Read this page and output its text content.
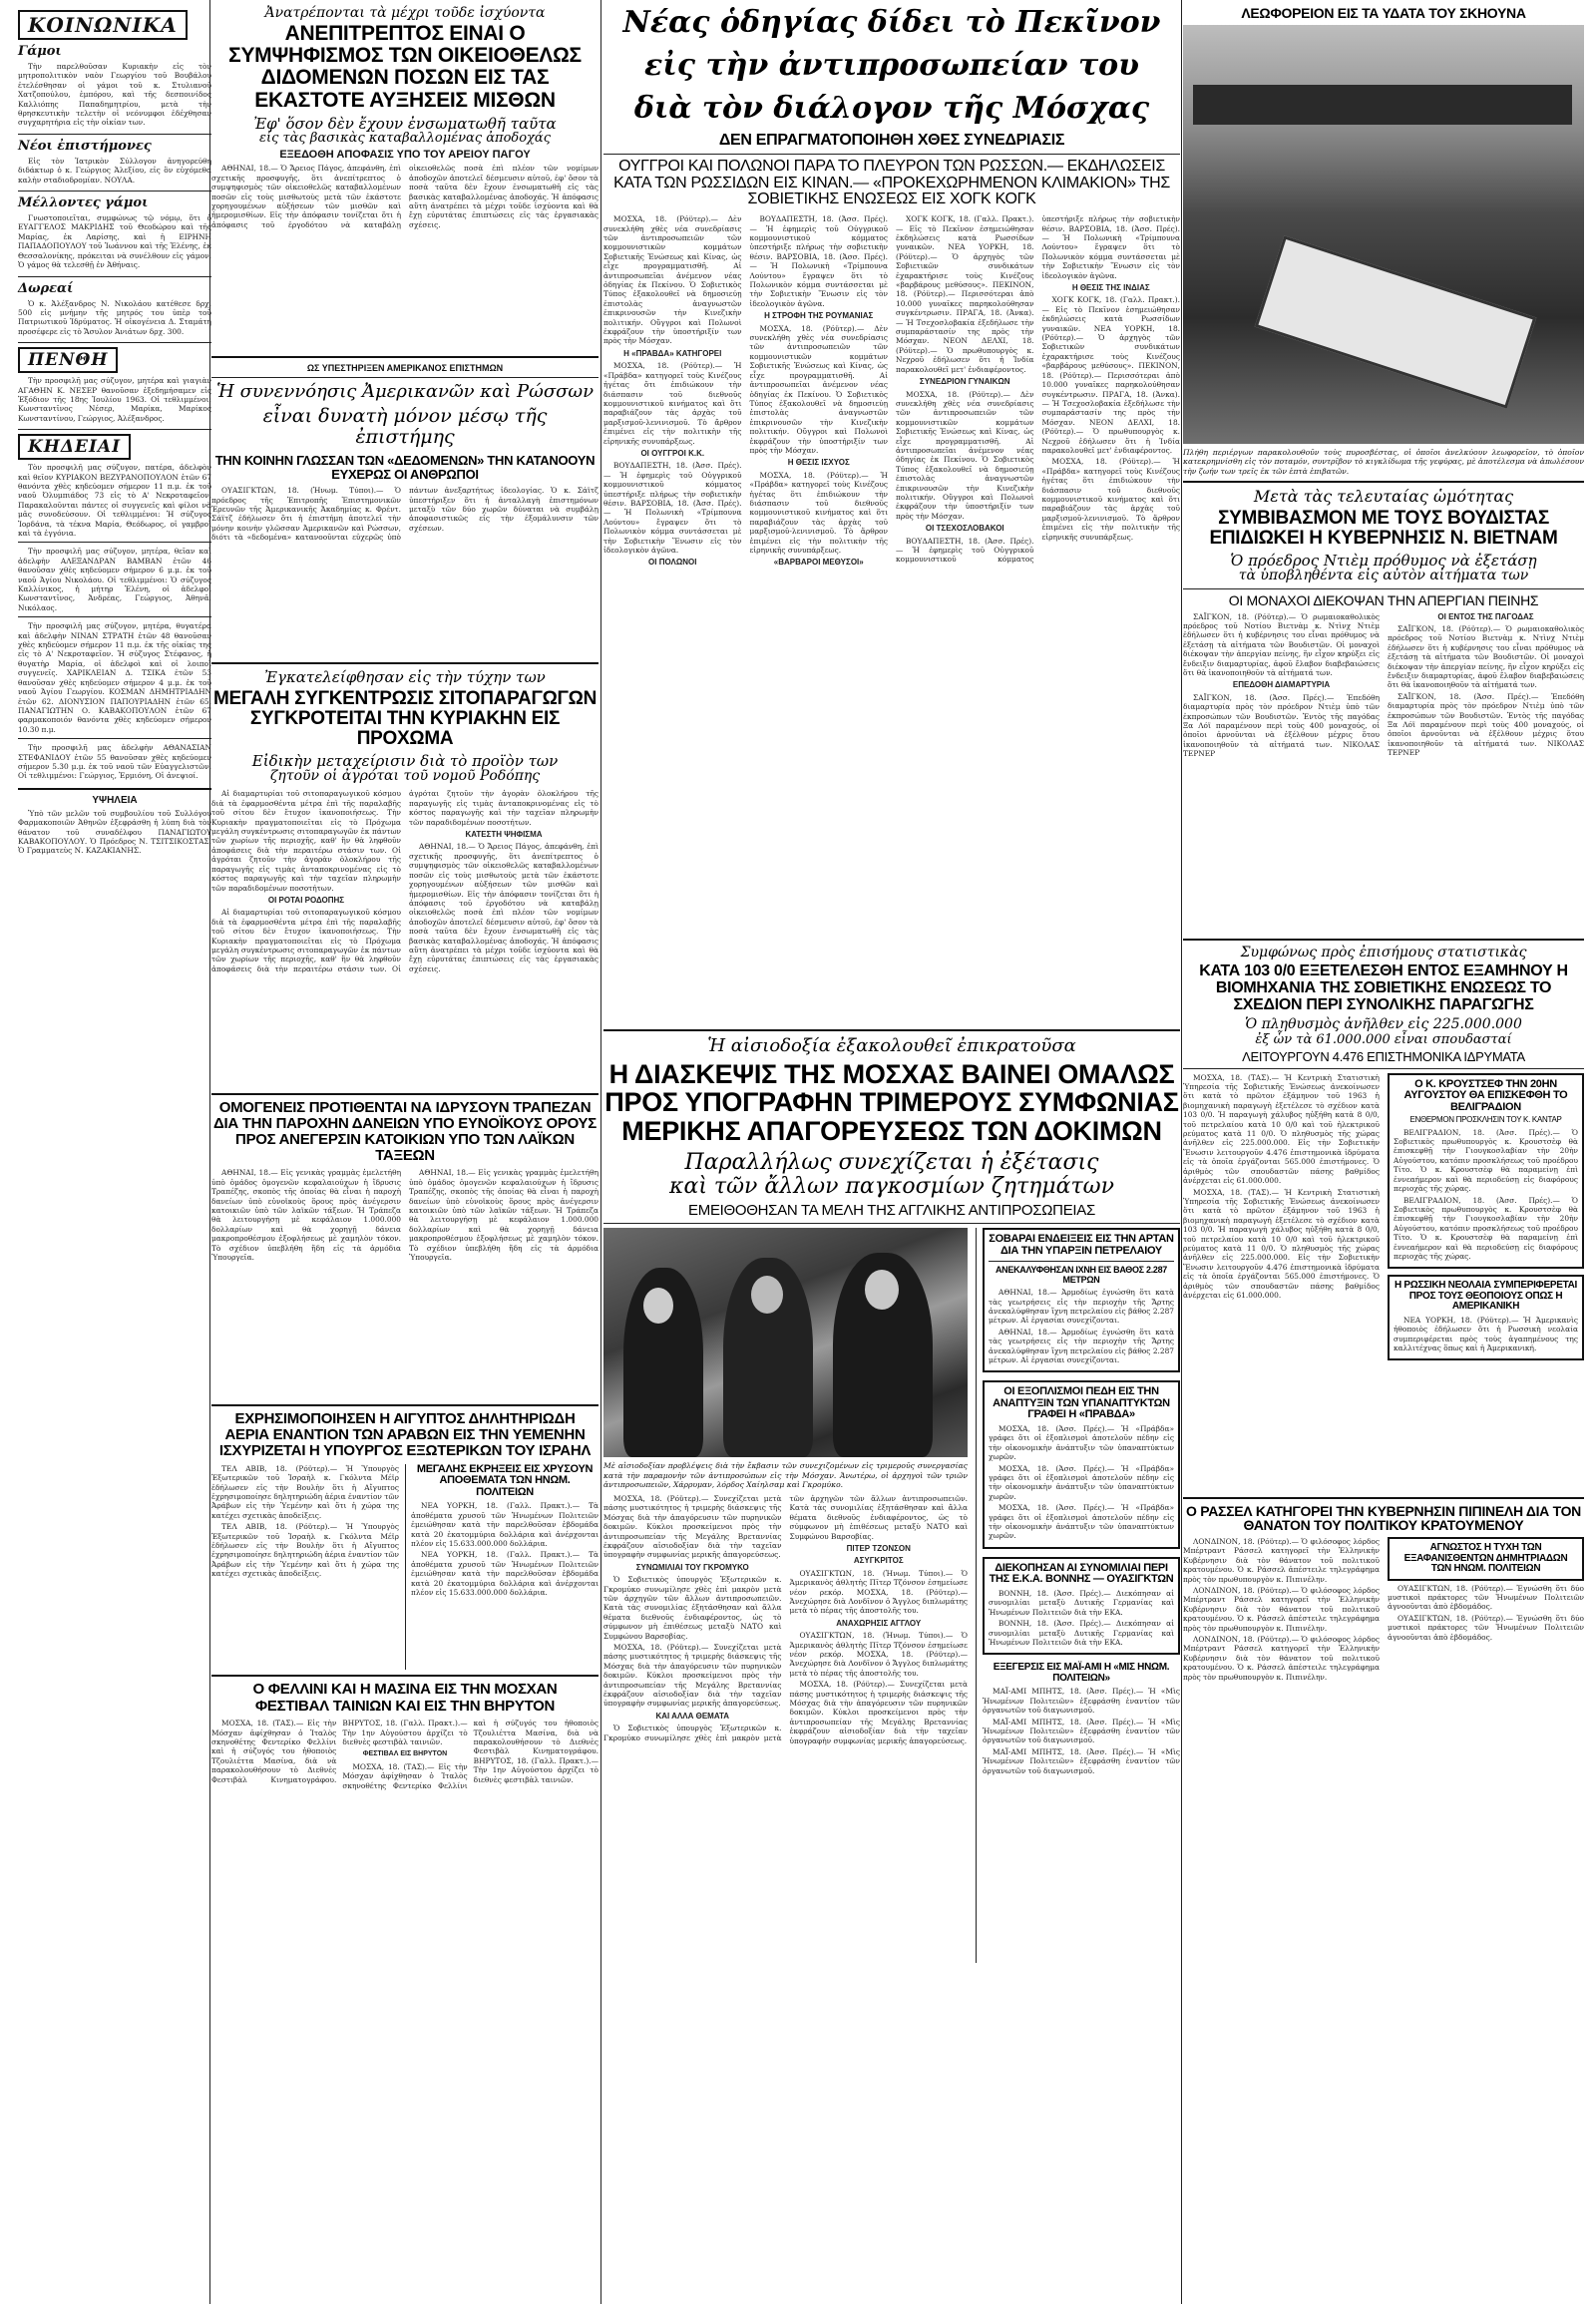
ΚΟΙΝΩΝΙΚΑ
Γάμοι

Τὴν παρελθοῦσαν Κυριακὴν εἰς τὸν μητροπολιτικὸν ναὸν Γεωργίου τοῦ Βουβάλου ἐτελέσθησαν οἱ γάμοι τοῦ κ. Στυλιανοῦ Χατζοπούλου, ἐμπόρου, καὶ τῆς δεσποινίδος Καλλιόπης Παπαδημητρίου, μετὰ τὴν θρησκευτικὴν τελετὴν οἱ νεόνυμφοι ἐδέχθησαν συγχαρητήρια εἰς τὴν οἰκίαν των.

Νέοι ἐπιστήμονες

Εἰς τὸν Ἰατρικὸν Σύλλογον ἀνηγορεύθη διδάκτωρ ὁ κ. Γεώργιος Ἀλεξίου, εἰς ὃν εὐχόμεθα καλὴν σταδιοδρομίαν. ΝΟΥΛΑ.

Μέλλοντες γάμοι

Γνωστοποιεῖται, συμφώνως τῷ νόμῳ, ὅτι ὁ ΕΥΑΓΓΕΛΟΣ ΜΑΚΡΙΔΗΣ τοῦ Θεοδώρου καὶ τῆς Μαρίας, ἐκ Λαρίσης, καὶ ἡ ΕΙΡΗΝΗ ΠΑΠΑΔΟΠΟΥΛΟΥ τοῦ Ἰωάννου καὶ τῆς Ἑλένης, ἐκ Θεσσαλονίκης, πρόκειται νὰ συνέλθουν εἰς γάμον. Ὁ γάμος θὰ τελεσθῇ ἐν Ἀθήναις.

Δωρεαί

Ὁ κ. Ἀλέξανδρος Ν. Νικολάου κατέθεσε δρχ. 500 εἰς μνήμην τῆς μητρός του ὑπὲρ τοῦ Πατριωτικοῦ Ἱδρύματος. Ἡ οἰκογένεια Δ. Σταμάτη προσέφερε εἰς τὸ Ἄσυλον Ἀνιάτων δρχ. 300.

ΠΕΝΘΗ

Τὴν προσφιλῆ μας σύζυγον, μητέρα καὶ γιαγιὰν ΑΓΑΘΗΝ Κ. ΝΕΣΕΡ θανοῦσαν ἐξεδημήσαμεν εἰς Ἐξόδιον τῆς 18ης Ἰουλίου 1963. Οἱ τεθλιμμένοι: Κωνσταντῖνος Νέσερ, Μαρίκα, Μαρίκος Κωνσταντίνου, Γεώργιος, Ἀλέξανδρος.

ΚΗΔΕΙΑΙ

Τὸν προσφιλῆ μας σύζυγον, πατέρα, ἀδελφὸν καὶ θεῖον ΚΥΡΙΑΚΟΝ ΒΕΖΥΡΑΝΟΠΟΥΛΟΝ ἐτῶν 67 θανόντα χθὲς κηδεύομεν σήμερον 11 π.μ. ἐκ τοῦ ναοῦ Ὀλυμπιάδος 73 εἰς τὸ Α' Νεκροταφεῖον. Παρακαλοῦνται πάντες οἱ συγγενεῖς καὶ φίλοι νὰ μᾶς συνοδεύσουν. Οἱ τεθλιμμένοι: Ἡ σύζυγος Ἰορδάνα, τὰ τέκνα Μαρία, Θεόδωρος, οἱ γαμβροὶ καὶ τὰ ἐγγόνια.

Τὴν προσφιλῆ μας σύζυγον, μητέρα, θεῖαν καὶ ἀδελφὴν ΑΛΕΞΑΝΔΡΑΝ ΒΑΜΒΑΝ ἐτῶν 46 θανοῦσαν χθὲς κηδεύομεν σήμερον 6 μ.μ. ἐκ τοῦ ναοῦ Ἁγίου Νικολάου. Οἱ τεθλιμμένοι: Ὁ σύζυγος Καλλίνικος, ἡ μήτηρ Ἑλένη, οἱ ἀδελφοὶ Κωνσταντῖνος, Ἀνδρέας, Γεώργιος, Ἀθηνᾶ, Νικόλαος.

Τὴν προσφιλῆ μας σύζυγον, μητέρα, θυγατέρα καὶ ἀδελφὴν ΝΙΝΑΝ ΣΤΡΑΤΗ ἐτῶν 48 θανοῦσαν χθὲς κηδεύομεν σήμερον 11 π.μ. ἐκ τῆς οἰκίας της εἰς τὸ Α' Νεκροταφεῖον. Ἡ σύζυγος Στέφανος, ἡ θυγατὴρ Μαρία, οἱ ἀδελφοὶ καὶ οἱ λοιποὶ συγγενεῖς. ΧΑΡΙΚΛΕΙΑΝ Δ. ΤΣΙΚΑ ἐτῶν 53 θανοῦσαν χθὲς κηδεύομεν σήμερον 4 μ.μ. ἐκ τοῦ ναοῦ Ἁγίου Γεωργίου. ΚΟΣΜΑΝ ΔΗΜΗΤΡΙΑΔΗΝ ἐτῶν 62. ΔΙΟΝΥΣΙΟΝ ΠΑΠΟΥΡΙΑΔΗΝ ἐτῶν 65. ΠΑΝΑΓΙΩΤΗΝ Ο. ΚΑΒΑΚΟΠΟΥΛΟΝ ἐτῶν 67 φαρμακοποιόν θανόντα χθὲς κηδεύομεν σήμερον 10.30 π.μ.

Τὴν προσφιλῆ μας ἀδελφὴν ΑΘΑΝΑΣΙΑΝ ΣΤΕΦΑΝΙΔΟΥ ἐτῶν 55 θανοῦσαν χθὲς κηδεύομεν σήμερον 5.30 μ.μ. ἐκ τοῦ ναοῦ τῶν Εὐαγγελιστῶν. Οἱ τεθλιμμένοι: Γεώργιος, Ἑρμιόνη, Οἱ ἀνεψιοί.

ΥΨΗΛΕΙΑ

Ὑπὸ τῶν μελῶν τοῦ συμβουλίου τοῦ Συλλόγου Φαρμακοποιῶν Ἀθηνῶν ἐξεφράσθη ἡ λύπη διὰ τὸν θάνατον τοῦ συναδέλφου ΠΑΝΑΓΙΩΤΟΥ ΚΑΒΑΚΟΠΟΥΛΟΥ. Ὁ Πρόεδρος Ν. ΤΣΙΤΣΙΚΟΣΤΑΣ, Ὁ Γραμματεὺς Ν. ΚΑΖΑΚΙΑΝΗΣ.

Ἀνατρέπονται τὰ μέχρι τοῦδε ἰσχύοντα
ΑΝΕΠΙΤΡΕΠΤΟΣ ΕΙΝΑΙ Ο ΣΥΜΨΗΦΙΣΜΟΣ ΤΩΝ ΟΙΚΕΙΟΘΕΛΩΣ ΔΙΔΟΜΕΝΩΝ ΠΟΣΩΝ ΕΙΣ ΤΑΣ ΕΚΑΣΤΟΤΕ ΑΥΞΗΣΕΙΣ ΜΙΣΘΩΝ
Ἐφ' ὅσον δὲν ἔχουν ἐνσωματωθῆ ταῦτα
εἰς τὰς βασικὰς καταβαλλομένας ἀποδοχάς
ΕΞΕΔΟΘΗ ΑΠΟΦΑΣΙΣ ΥΠΟ ΤΟΥ ΑΡΕΙΟΥ ΠΑΓΟΥ

ΑΘΗΝΑΙ, 18.— Ὁ Ἄρειος Πάγος, ἀπεφάνθη, ἐπὶ σχετικῆς προσφυγῆς, ὅτι ἀνεπίτρεπτος ὁ συμψηφισμὸς τῶν οἰκειοθελῶς καταβαλλομένων ποσῶν εἰς τοὺς μισθωτοὺς μετὰ τῶν ἐκάστοτε χορηγουμένων αὐξήσεων τῶν μισθῶν καὶ ἡμερομισθίων. Εἰς τὴν ἀπόφασιν τονίζεται ὅτι ἡ ἀπόφασις τοῦ ἐργοδότου νὰ καταβάλῃ οἰκειοθελῶς ποσὰ ἐπὶ πλέον τῶν νομίμων ἀποδοχῶν ἀποτελεῖ δέσμευσιν αὐτοῦ, ἐφ' ὅσον τὰ ποσὰ ταῦτα δὲν ἔχουν ἐνσωματωθῆ εἰς τὰς βασικὰς καταβαλλομένας ἀποδοχάς. Ἡ ἀπόφασις αὕτη ἀνατρέπει τὰ μέχρι τοῦδε ἰσχύοντα καὶ θὰ ἔχῃ εὐρυτάτας ἐπιπτώσεις εἰς τὰς ἐργασιακὰς σχέσεις.

ΩΣ ΥΠΕΣΤΗΡΙΞΕΝ ΑΜΕΡΙΚΑΝΟΣ ΕΠΙΣΤΗΜΩΝ
Ἡ συνεννόησις Ἀμερικανῶν καὶ Ρώσσων
εἶναι δυνατὴ μόνον μέσῳ τῆς ἐπιστήμης
ΤΗΝ ΚΟΙΝΗΝ ΓΛΩΣΣΑΝ ΤΩΝ «ΔΕΔΟΜΕΝΩΝ» ΤΗΝ ΚΑΤΑΝΟΟΥΝ ΕΥΧΕΡΩΣ ΟΙ ΑΝΘΡΩΠΟΙ

ΟΥΑΣΙΓΚΤΩΝ, 18. (Ἡνωμ. Τύποι).— Ὁ πρόεδρος τῆς Ἐπιτροπῆς Ἐπιστημονικῶν Ἐρευνῶν τῆς Ἀμερικανικῆς Ἀκαδημίας κ. Φρέντ. Σάϊτζ ἐδήλωσεν ὅτι ἡ ἐπιστήμη ἀποτελεῖ τὴν μόνην κοινὴν γλῶσσαν Ἀμερικανῶν καὶ Ρώσσων, διότι τὰ «δεδομένα» κατανοοῦνται εὐχερῶς ὑπὸ πάντων ἀνεξαρτήτως ἰδεολογίας. Ὁ κ. Σάϊτζ ὑπεστήριξεν ὅτι ἡ ἀνταλλαγὴ ἐπιστημόνων μεταξὺ τῶν δύο χωρῶν δύναται νὰ συμβάλῃ ἀποφασιστικῶς εἰς τὴν ἐξομάλυνσιν τῶν σχέσεων.

Ἐγκατελείφθησαν εἰς τὴν τύχην των
ΜΕΓΑΛΗ ΣΥΓΚΕΝΤΡΩΣΙΣ ΣΙΤΟΠΑΡΑΓΩΓΩΝ ΣΥΓΚΡΟΤΕΙΤΑΙ ΤΗΝ ΚΥΡΙΑΚΗΝ ΕΙΣ ΠΡΟΧΩΜΑ
Εἰδικὴν μεταχείρισιν διὰ τὸ προϊὸν των
ζητοῦν οἱ ἀγρόται τοῦ νομοῦ Ροδόπης

Αἱ διαμαρτυρίαι τοῦ σιτοπαραγωγικοῦ κόσμου διὰ τὰ ἐφαρμοσθέντα μέτρα ἐπὶ τῆς παραλαβῆς τοῦ σίτου δὲν ἔτυχον ἱκανοποιήσεως. Τὴν Κυριακὴν πραγματοποιεῖται εἰς τὸ Πρόχωμα μεγάλη συγκέντρωσις σιτοπαραγωγῶν ἐκ πάντων τῶν χωρίων τῆς περιοχῆς, καθ' ἣν θὰ ληφθοῦν ἀποφάσεις διὰ τὴν περαιτέρω στάσιν των. Οἱ ἀγρόται ζητοῦν τὴν ἀγορὰν ὁλοκλήρου τῆς παραγωγῆς εἰς τιμὰς ἀνταποκρινομένας εἰς τὸ κόστος παραγωγῆς καὶ τὴν ταχεῖαν πληρωμὴν τῶν παραδιδομένων ποσοτήτων.

ΟΙ ΡΟΤΑΙ ΡΟΔΟΠΗΣ

Αἱ διαμαρτυρίαι τοῦ σιτοπαραγωγικοῦ κόσμου διὰ τὰ ἐφαρμοσθέντα μέτρα ἐπὶ τῆς παραλαβῆς τοῦ σίτου δὲν ἔτυχον ἱκανοποιήσεως. Τὴν Κυριακὴν πραγματοποιεῖται εἰς τὸ Πρόχωμα μεγάλη συγκέντρωσις σιτοπαραγωγῶν ἐκ πάντων τῶν χωρίων τῆς περιοχῆς, καθ' ἣν θὰ ληφθοῦν ἀποφάσεις διὰ τὴν περαιτέρω στάσιν των. Οἱ ἀγρόται ζητοῦν τὴν ἀγορὰν ὁλοκλήρου τῆς παραγωγῆς εἰς τιμὰς ἀνταποκρινομένας εἰς τὸ κόστος παραγωγῆς καὶ τὴν ταχεῖαν πληρωμὴν τῶν παραδιδομένων ποσοτήτων.

ΚΑΤΕΣΤΗ ΨΗΦΙΣΜΑ

ΑΘΗΝΑΙ, 18.— Ὁ Ἄρειος Πάγος, ἀπεφάνθη, ἐπὶ σχετικῆς προσφυγῆς, ὅτι ἀνεπίτρεπτος ὁ συμψηφισμὸς τῶν οἰκειοθελῶς καταβαλλομένων ποσῶν εἰς τοὺς μισθωτοὺς μετὰ τῶν ἐκάστοτε χορηγουμένων αὐξήσεων τῶν μισθῶν καὶ ἡμερομισθίων. Εἰς τὴν ἀπόφασιν τονίζεται ὅτι ἡ ἀπόφασις τοῦ ἐργοδότου νὰ καταβάλῃ οἰκειοθελῶς ποσὰ ἐπὶ πλέον τῶν νομίμων ἀποδοχῶν ἀποτελεῖ δέσμευσιν αὐτοῦ, ἐφ' ὅσον τὰ ποσὰ ταῦτα δὲν ἔχουν ἐνσωματωθῆ εἰς τὰς βασικὰς καταβαλλομένας ἀποδοχάς. Ἡ ἀπόφασις αὕτη ἀνατρέπει τὰ μέχρι τοῦδε ἰσχύοντα καὶ θὰ ἔχῃ εὐρυτάτας ἐπιπτώσεις εἰς τὰς ἐργασιακὰς σχέσεις.

ΟΜΟΓΕΝΕΙΣ ΠΡΟΤΙΘΕΝΤΑΙ ΝΑ ΙΔΡΥΣΟΥΝ ΤΡΑΠΕΖΑΝ ΔΙΑ ΤΗΝ ΠΑΡΟΧΗΝ ΔΑΝΕΙΩΝ ΥΠΟ ΕΥΝΟΪΚΟΥΣ ΟΡΟΥΣ ΠΡΟΣ ΑΝΕΓΕΡΣΙΝ ΚΑΤΟΙΚΙΩΝ ΥΠΟ ΤΩΝ ΛΑΪΚΩΝ ΤΑΞΕΩΝ

ΑΘΗΝΑΙ, 18.— Εἰς γενικὰς γραμμὰς ἐμελετήθη ὑπὸ ὁμάδος ὁμογενῶν κεφαλαιούχων ἡ ἵδρυσις Τραπέζης, σκοπὸς τῆς ὁποίας θὰ εἶναι ἡ παροχὴ δανείων ὑπὸ εὐνοϊκοὺς ὅρους πρὸς ἀνέγερσιν κατοικιῶν ὑπὸ τῶν λαϊκῶν τάξεων. Ἡ Τράπεζα θὰ λειτουργήσῃ μὲ κεφάλαιον 1.000.000 δολλαρίων καὶ θὰ χορηγῇ δάνεια μακροπροθέσμου ἐξοφλήσεως μὲ χαμηλὸν τόκον. Τὸ σχέδιον ὑπεβλήθη ἤδη εἰς τὰ ἁρμόδια Ὑπουργεῖα.

ΑΘΗΝΑΙ, 18.— Εἰς γενικὰς γραμμὰς ἐμελετήθη ὑπὸ ὁμάδος ὁμογενῶν κεφαλαιούχων ἡ ἵδρυσις Τραπέζης, σκοπὸς τῆς ὁποίας θὰ εἶναι ἡ παροχὴ δανείων ὑπὸ εὐνοϊκοὺς ὅρους πρὸς ἀνέγερσιν κατοικιῶν ὑπὸ τῶν λαϊκῶν τάξεων. Ἡ Τράπεζα θὰ λειτουργήσῃ μὲ κεφάλαιον 1.000.000 δολλαρίων καὶ θὰ χορηγῇ δάνεια μακροπροθέσμου ἐξοφλήσεως μὲ χαμηλὸν τόκον. Τὸ σχέδιον ὑπεβλήθη ἤδη εἰς τὰ ἁρμόδια Ὑπουργεῖα.

ΕΧΡΗΣΙΜΟΠΟΙΗΣΕΝ Η ΑΙΓΥΠΤΟΣ ΔΗΛΗΤΗΡΙΩΔΗ ΑΕΡΙΑ ΕΝΑΝΤΙΟΝ ΤΩΝ ΑΡΑΒΩΝ ΕΙΣ ΤΗΝ ΥΕΜΕΝΗΝ ΙΣΧΥΡΙΖΕΤΑΙ Η ΥΠΟΥΡΓΟΣ ΕΞΩΤΕΡΙΚΩΝ ΤΟΥ ΙΣΡΑΗΛ

ΤΕΛ ΑΒΙΒ, 18. (Ρόϋτερ).— Ἡ Ὑπουργὸς Ἐξωτερικῶν τοῦ Ἰσραὴλ κ. Γκόλντα Μέϊρ ἐδήλωσεν εἰς τὴν Βουλὴν ὅτι ἡ Αἴγυπτος ἐχρησιμοποίησε δηλητηριώδη ἀέρια ἐναντίον τῶν Ἀράβων εἰς τὴν Ὑεμένην καὶ ὅτι ἡ χώρα της κατέχει σχετικὰς ἀποδείξεις.

ΤΕΛ ΑΒΙΒ, 18. (Ρόϋτερ).— Ἡ Ὑπουργὸς Ἐξωτερικῶν τοῦ Ἰσραὴλ κ. Γκόλντα Μέϊρ ἐδήλωσεν εἰς τὴν Βουλὴν ὅτι ἡ Αἴγυπτος ἐχρησιμοποίησε δηλητηριώδη ἀέρια ἐναντίον τῶν Ἀράβων εἰς τὴν Ὑεμένην καὶ ὅτι ἡ χώρα της κατέχει σχετικὰς ἀποδείξεις.

ΜΕΓΑΛΗΣ ΕΚΡΗΞΕΙΣ ΕΙΣ ΧΡΥΣΟΥΝ ΑΠΟΘΕΜΑΤΑ ΤΩΝ ΗΝΩΜ. ΠΟΛΙΤΕΙΩΝ

ΝΕΑ ΥΟΡΚΗ, 18. (Γαλλ. Πρακτ.).— Τὰ ἀποθέματα χρυσοῦ τῶν Ἡνωμένων Πολιτειῶν ἐμειώθησαν κατὰ τὴν παρελθοῦσαν ἑβδομάδα κατὰ 20 ἑκατομμύρια δολλάρια καὶ ἀνέρχονται πλέον εἰς 15.633.000.000 δολλάρια.

ΝΕΑ ΥΟΡΚΗ, 18. (Γαλλ. Πρακτ.).— Τὰ ἀποθέματα χρυσοῦ τῶν Ἡνωμένων Πολιτειῶν ἐμειώθησαν κατὰ τὴν παρελθοῦσαν ἑβδομάδα κατὰ 20 ἑκατομμύρια δολλάρια καὶ ἀνέρχονται πλέον εἰς 15.633.000.000 δολλάρια.

Ο ΦΕΛΛΙΝΙ ΚΑΙ Η ΜΑΣΙΝΑ ΕΙΣ ΤΗΝ ΜΟΣΧΑΝ
ΦΕΣΤΙΒΑΛ ΤΑΙΝΙΩΝ ΚΑΙ ΕΙΣ ΤΗΝ ΒΗΡΥΤΟΝ

ΜΟΣΧΑ, 18. (ΤΑΣ).— Εἰς τὴν Μόσχαν ἀφίχθησαν ὁ Ἰταλὸς σκηνοθέτης Φεντερίκο Φελλίνι καὶ ἡ σύζυγός του ἠθοποιὸς Τζουλιέττα Μασίνα, διὰ νὰ παρακολουθήσουν τὸ Διεθνὲς Φεστιβὰλ Κινηματογράφου. ΒΗΡΥΤΟΣ, 18. (Γαλλ. Πρακτ.).— Τὴν 1ην Αὐγούστου ἀρχίζει τὸ διεθνὲς φεστιβὰλ ταινιῶν.

ΦΕΣΤΙΒΑΛ ΕΙΣ ΒΗΡΥΤΟΝ

ΜΟΣΧΑ, 18. (ΤΑΣ).— Εἰς τὴν Μόσχαν ἀφίχθησαν ὁ Ἰταλὸς σκηνοθέτης Φεντερίκο Φελλίνι καὶ ἡ σύζυγός του ἠθοποιὸς Τζουλιέττα Μασίνα, διὰ νὰ παρακολουθήσουν τὸ Διεθνὲς Φεστιβὰλ Κινηματογράφου. ΒΗΡΥΤΟΣ, 18. (Γαλλ. Πρακτ.).— Τὴν 1ην Αὐγούστου ἀρχίζει τὸ διεθνὲς φεστιβὰλ ταινιῶν.

Νέας ὁδηγίας δίδει τὸ Πεκῖνον
εἰς τὴν ἀντιπροσωπείαν του
διὰ τὸν διάλογον τῆς Μόσχας
ΔΕΝ ΕΠΡΑΓΜΑΤΟΠΟΙΗΘΗ ΧΘΕΣ ΣΥΝΕΔΡΙΑΣΙΣ
ΟΥΓΓΡΟΙ ΚΑΙ ΠΟΛΩΝΟΙ ΠΑΡΑ ΤΟ ΠΛΕΥΡΟΝ ΤΩΝ ΡΩΣΣΩΝ.— ΕΚΔΗΛΩΣΕΙΣ ΚΑΤΑ ΤΩΝ ΡΩΣΣΙΔΩΝ ΕΙΣ ΚΙΝΑΝ.— «ΠΡΟΚΕΧΩΡΗΜΕΝΟΝ ΚΛΙΜΑΚΙΟΝ» ΤΗΣ ΣΟΒΙΕΤΙΚΗΣ ΕΝΩΣΕΩΣ ΕΙΣ ΧΟΓΚ ΚΟΓΚ

ΜΟΣΧΑ, 18. (Ρόϋτερ).— Δὲν συνεκλήθη χθὲς νέα συνεδρίασις τῶν ἀντιπροσωπειῶν τῶν κομμουνιστικῶν κομμάτων Σοβιετικῆς Ἑνώσεως καὶ Κίνας, ὡς εἶχε προγραμματισθῆ. Αἱ ἀντιπροσωπεῖαι ἀνέμενον νέας ὁδηγίας ἐκ Πεκίνου. Ὁ Σοβιετικὸς Τύπος ἐξακολουθεῖ νὰ δημοσιεύῃ ἐπιστολὰς ἀναγνωστῶν ἐπικρινουσῶν τὴν Κινεζικὴν πολιτικήν. Οὔγγροι καὶ Πολωνοὶ ἐκφράζουν τὴν ὑποστήριξίν των πρὸς τὴν Μόσχαν.

Η «ΠΡΑΒΔΑ» ΚΑΤΗΓΟΡΕΙ

ΜΟΣΧΑ, 18. (Ρόϋτερ).— Ἡ «Πράβδα» κατηγορεῖ τοὺς Κινέζους ἡγέτας ὅτι ἐπιδιώκουν τὴν διάσπασιν τοῦ διεθνοῦς κομμουνιστικοῦ κινήματος καὶ ὅτι παραβιάζουν τὰς ἀρχὰς τοῦ μαρξισμοῦ-λενινισμοῦ. Τὸ ἄρθρον ἐπιμένει εἰς τὴν πολιτικὴν τῆς εἰρηνικῆς συνυπάρξεως.

ΟΙ ΟΥΓΓΡΟΙ Κ.Κ.

ΒΟΥΔΑΠΕΣΤΗ, 18. (Ἀσσ. Πρές).— Ἡ ἐφημερὶς τοῦ Οὐγγρικοῦ κομμουνιστικοῦ κόμματος ὑπεστήριξε πλήρως τὴν σοβιετικὴν θέσιν. ΒΑΡΣΟΒΙΑ, 18. (Ἀσσ. Πρές).— Ἡ Πολωνικὴ «Τρίμπουνα Λούντου» ἔγραψεν ὅτι τὸ Πολωνικὸν κόμμα συντάσσεται μὲ τὴν Σοβιετικὴν Ἕνωσιν εἰς τὸν ἰδεολογικὸν ἀγῶνα.

ΟΙ ΠΟΛΩΝΟΙ

ΒΟΥΔΑΠΕΣΤΗ, 18. (Ἀσσ. Πρές).— Ἡ ἐφημερὶς τοῦ Οὐγγρικοῦ κομμουνιστικοῦ κόμματος ὑπεστήριξε πλήρως τὴν σοβιετικὴν θέσιν. ΒΑΡΣΟΒΙΑ, 18. (Ἀσσ. Πρές).— Ἡ Πολωνικὴ «Τρίμπουνα Λούντου» ἔγραψεν ὅτι τὸ Πολωνικὸν κόμμα συντάσσεται μὲ τὴν Σοβιετικὴν Ἕνωσιν εἰς τὸν ἰδεολογικὸν ἀγῶνα.

Η ΣΤΡΟΦΗ ΤΗΣ ΡΟΥΜΑΝΙΑΣ

ΜΟΣΧΑ, 18. (Ρόϋτερ).— Δὲν συνεκλήθη χθὲς νέα συνεδρίασις τῶν ἀντιπροσωπειῶν τῶν κομμουνιστικῶν κομμάτων Σοβιετικῆς Ἑνώσεως καὶ Κίνας, ὡς εἶχε προγραμματισθῆ. Αἱ ἀντιπροσωπεῖαι ἀνέμενον νέας ὁδηγίας ἐκ Πεκίνου. Ὁ Σοβιετικὸς Τύπος ἐξακολουθεῖ νὰ δημοσιεύῃ ἐπιστολὰς ἀναγνωστῶν ἐπικρινουσῶν τὴν Κινεζικὴν πολιτικήν. Οὔγγροι καὶ Πολωνοὶ ἐκφράζουν τὴν ὑποστήριξίν των πρὸς τὴν Μόσχαν.

Η ΘΕΣΙΣ ΙΣΧΥΟΣ

ΜΟΣΧΑ, 18. (Ρόϋτερ).— Ἡ «Πράβδα» κατηγορεῖ τοὺς Κινέζους ἡγέτας ὅτι ἐπιδιώκουν τὴν διάσπασιν τοῦ διεθνοῦς κομμουνιστικοῦ κινήματος καὶ ὅτι παραβιάζουν τὰς ἀρχὰς τοῦ μαρξισμοῦ-λενινισμοῦ. Τὸ ἄρθρον ἐπιμένει εἰς τὴν πολιτικὴν τῆς εἰρηνικῆς συνυπάρξεως.

«ΒΑΡΒΑΡΟΙ ΜΕΘΥΣΟΙ»

ΧΟΓΚ ΚΟΓΚ, 18. (Γαλλ. Πρακτ.).— Εἰς τὸ Πεκῖνον ἐσημειώθησαν ἐκδηλώσεις κατὰ Ρωσσίδων γυναικῶν. ΝΕΑ ΥΟΡΚΗ, 18. (Ρόϋτερ).— Ὁ ἀρχηγὸς τῶν Σοβιετικῶν συνδικάτων ἐχαρακτήρισε τοὺς Κινέζους «βαρβάρους μεθύσους». ΠΕΚΙΝΟΝ, 18. (Ρόϋτερ).— Περισσότεραι ἀπὸ 10.000 γυναῖκες παρηκολούθησαν συγκέντρωσιν. ΠΡΑΓΑ, 18. (Ἀνκα).— Ἡ Τσεχοσλοβακία ἐξεδήλωσε τὴν συμπαράστασίν της πρὸς τὴν Μόσχαν. ΝΕΟΝ ΔΕΛΧΙ, 18. (Ρόϋτερ).— Ὁ πρωθυπουργὸς κ. Νεχροῦ ἐδήλωσεν ὅτι ἡ Ἰνδία παρακολουθεῖ μετ' ἐνδιαφέροντος.

ΣΥΝΕΔΡΙΟΝ ΓΥΝΑΙΚΩΝ

ΜΟΣΧΑ, 18. (Ρόϋτερ).— Δὲν συνεκλήθη χθὲς νέα συνεδρίασις τῶν ἀντιπροσωπειῶν τῶν κομμουνιστικῶν κομμάτων Σοβιετικῆς Ἑνώσεως καὶ Κίνας, ὡς εἶχε προγραμματισθῆ. Αἱ ἀντιπροσωπεῖαι ἀνέμενον νέας ὁδηγίας ἐκ Πεκίνου. Ὁ Σοβιετικὸς Τύπος ἐξακολουθεῖ νὰ δημοσιεύῃ ἐπιστολὰς ἀναγνωστῶν ἐπικρινουσῶν τὴν Κινεζικὴν πολιτικήν. Οὔγγροι καὶ Πολωνοὶ ἐκφράζουν τὴν ὑποστήριξίν των πρὸς τὴν Μόσχαν.

ΟΙ ΤΣΕΧΟΣΛΟΒΑΚΟΙ

ΒΟΥΔΑΠΕΣΤΗ, 18. (Ἀσσ. Πρές).— Ἡ ἐφημερὶς τοῦ Οὐγγρικοῦ κομμουνιστικοῦ κόμματος ὑπεστήριξε πλήρως τὴν σοβιετικὴν θέσιν. ΒΑΡΣΟΒΙΑ, 18. (Ἀσσ. Πρές).— Ἡ Πολωνικὴ «Τρίμπουνα Λούντου» ἔγραψεν ὅτι τὸ Πολωνικὸν κόμμα συντάσσεται μὲ τὴν Σοβιετικὴν Ἕνωσιν εἰς τὸν ἰδεολογικὸν ἀγῶνα.

Η ΘΕΣΙΣ ΤΗΣ ΙΝΔΙΑΣ

ΧΟΓΚ ΚΟΓΚ, 18. (Γαλλ. Πρακτ.).— Εἰς τὸ Πεκῖνον ἐσημειώθησαν ἐκδηλώσεις κατὰ Ρωσσίδων γυναικῶν. ΝΕΑ ΥΟΡΚΗ, 18. (Ρόϋτερ).— Ὁ ἀρχηγὸς τῶν Σοβιετικῶν συνδικάτων ἐχαρακτήρισε τοὺς Κινέζους «βαρβάρους μεθύσους». ΠΕΚΙΝΟΝ, 18. (Ρόϋτερ).— Περισσότεραι ἀπὸ 10.000 γυναῖκες παρηκολούθησαν συγκέντρωσιν. ΠΡΑΓΑ, 18. (Ἀνκα).— Ἡ Τσεχοσλοβακία ἐξεδήλωσε τὴν συμπαράστασίν της πρὸς τὴν Μόσχαν. ΝΕΟΝ ΔΕΛΧΙ, 18. (Ρόϋτερ).— Ὁ πρωθυπουργὸς κ. Νεχροῦ ἐδήλωσεν ὅτι ἡ Ἰνδία παρακολουθεῖ μετ' ἐνδιαφέροντος.

ΜΟΣΧΑ, 18. (Ρόϋτερ).— Ἡ «Πράβδα» κατηγορεῖ τοὺς Κινέζους ἡγέτας ὅτι ἐπιδιώκουν τὴν διάσπασιν τοῦ διεθνοῦς κομμουνιστικοῦ κινήματος καὶ ὅτι παραβιάζουν τὰς ἀρχὰς τοῦ μαρξισμοῦ-λενινισμοῦ. Τὸ ἄρθρον ἐπιμένει εἰς τὴν πολιτικὴν τῆς εἰρηνικῆς συνυπάρξεως.

Ἡ αἰσιοδοξία ἐξακολουθεῖ ἐπικρατοῦσα
Η ΔΙΑΣΚΕΨΙΣ ΤΗΣ ΜΟΣΧΑΣ ΒΑΙΝΕΙ ΟΜΑΛΩΣ ΠΡΟΣ ΥΠΟΓΡΑΦΗΝ ΤΡΙΜΕΡΟΥΣ ΣΥΜΦΩΝΙΑΣ ΜΕΡΙΚΗΣ ΑΠΑΓΟΡΕΥΣΕΩΣ ΤΩΝ ΔΟΚΙΜΩΝ
Παραλλήλως συνεχίζεται ἡ ἐξέτασις
καὶ τῶν ἄλλων παγκοσμίων ζητημάτων
ΕΜΕΙΘΟΘΗΣΑΝ ΤΑ ΜΕΛΗ ΤΗΣ ΑΓΓΛΙΚΗΣ ΑΝΤΙΠΡΟΣΩΠΕΙΑΣ
Μὲ αἰσιοδοξίαν προβλέψεις διὰ τὴν ἔκβασιν τῶν συνεχιζομένων εἰς τριμεροῦς συνεργασίας κατὰ τὴν παραμονὴν τῶν ἀντιπροσώπων εἰς τὴν Μόσχαν. Ἀνωτέρω, οἱ ἀρχηγοὶ τῶν τριῶν ἀντιπροσωπειῶν, Χάρρυμαν, λόρδος Χαίηλσαμ καὶ Γκρομύκο.

ΜΟΣΧΑ, 18. (Ρόϋτερ).— Συνεχίζεται μετὰ πάσης μυστικότητος ἡ τριμερὴς διάσκεψις τῆς Μόσχας διὰ τὴν ἀπαγόρευσιν τῶν πυρηνικῶν δοκιμῶν. Κύκλοι προσκείμενοι πρὸς τὴν ἀντιπροσωπείαν τῆς Μεγάλης Βρεταννίας ἐκφράζουν αἰσιοδοξίαν διὰ τὴν ταχεῖαν ὑπογραφὴν συμφωνίας μερικῆς ἀπαγορεύσεως.

ΣΥΝΩΜΙΛΙΑΙ ΤΟΥ ΓΚΡΟΜΥΚΟ

Ὁ Σοβιετικὸς ὑπουργὸς Ἐξωτερικῶν κ. Γκρομύκο συνωμίλησε χθὲς ἐπὶ μακρὸν μετὰ τῶν ἀρχηγῶν τῶν ἄλλων ἀντιπροσωπειῶν. Κατὰ τὰς συνομιλίας ἐξητάσθησαν καὶ ἄλλα θέματα διεθνοῦς ἐνδιαφέροντος, ὡς τὸ σύμφωνον μὴ ἐπιθέσεως μεταξὺ ΝΑΤΟ καὶ Συμφώνου Βαρσοβίας.

ΜΟΣΧΑ, 18. (Ρόϋτερ).— Συνεχίζεται μετὰ πάσης μυστικότητος ἡ τριμερὴς διάσκεψις τῆς Μόσχας διὰ τὴν ἀπαγόρευσιν τῶν πυρηνικῶν δοκιμῶν. Κύκλοι προσκείμενοι πρὸς τὴν ἀντιπροσωπείαν τῆς Μεγάλης Βρεταννίας ἐκφράζουν αἰσιοδοξίαν διὰ τὴν ταχεῖαν ὑπογραφὴν συμφωνίας μερικῆς ἀπαγορεύσεως.

ΚΑΙ ΑΛΛΑ ΘΕΜΑΤΑ

Ὁ Σοβιετικὸς ὑπουργὸς Ἐξωτερικῶν κ. Γκρομύκο συνωμίλησε χθὲς ἐπὶ μακρὸν μετὰ τῶν ἀρχηγῶν τῶν ἄλλων ἀντιπροσωπειῶν. Κατὰ τὰς συνομιλίας ἐξητάσθησαν καὶ ἄλλα θέματα διεθνοῦς ἐνδιαφέροντος, ὡς τὸ σύμφωνον μὴ ἐπιθέσεως μεταξὺ ΝΑΤΟ καὶ Συμφώνου Βαρσοβίας.

ΠΙΤΕΡ ΤΖΟΝΣΟΝ
ΑΣΥΓΚΡΙΤΟΣ

ΟΥΑΣΙΓΚΤΩΝ, 18. (Ἡνωμ. Τύποι).— Ὁ Ἀμερικανὸς ἀθλητὴς Πῖτερ Τζόνσον ἐσημείωσε νέον ρεκόρ. ΜΟΣΧΑ, 18. (Ρόϋτερ).— Ἀνεχώρησε διὰ Λονδῖνον ὁ Ἄγγλος διπλωμάτης μετὰ τὸ πέρας τῆς ἀποστολῆς του.

ΑΝΑΧΩΡΗΣΙΣ ΑΓΓΛΟΥ

ΟΥΑΣΙΓΚΤΩΝ, 18. (Ἡνωμ. Τύποι).— Ὁ Ἀμερικανὸς ἀθλητὴς Πῖτερ Τζόνσον ἐσημείωσε νέον ρεκόρ. ΜΟΣΧΑ, 18. (Ρόϋτερ).— Ἀνεχώρησε διὰ Λονδῖνον ὁ Ἄγγλος διπλωμάτης μετὰ τὸ πέρας τῆς ἀποστολῆς του.

ΜΟΣΧΑ, 18. (Ρόϋτερ).— Συνεχίζεται μετὰ πάσης μυστικότητος ἡ τριμερὴς διάσκεψις τῆς Μόσχας διὰ τὴν ἀπαγόρευσιν τῶν πυρηνικῶν δοκιμῶν. Κύκλοι προσκείμενοι πρὸς τὴν ἀντιπροσωπείαν τῆς Μεγάλης Βρεταννίας ἐκφράζουν αἰσιοδοξίαν διὰ τὴν ταχεῖαν ὑπογραφὴν συμφωνίας μερικῆς ἀπαγορεύσεως.

ΣΟΒΑΡΑΙ ΕΝΔΕΙΞΕΙΣ ΕΙΣ ΤΗΝ ΑΡΤΑΝ ΔΙΑ ΤΗΝ ΥΠΑΡΞΙΝ ΠΕΤΡΕΛΑΙΟΥ
ΑΝΕΚΑΛΥΦΘΗΣΑΝ ΙΧΝΗ ΕΙΣ ΒΑΘΟΣ 2.287 ΜΕΤΡΩΝ

ΑΘΗΝΑΙ, 18.— Ἀρμοδίως ἐγνώσθη ὅτι κατὰ τὰς γεωτρήσεις εἰς τὴν περιοχὴν τῆς Ἄρτης ἀνεκαλύφθησαν ἴχνη πετρελαίου εἰς βάθος 2.287 μέτρων. Αἱ ἐργασίαι συνεχίζονται.

ΑΘΗΝΑΙ, 18.— Ἀρμοδίως ἐγνώσθη ὅτι κατὰ τὰς γεωτρήσεις εἰς τὴν περιοχὴν τῆς Ἄρτης ἀνεκαλύφθησαν ἴχνη πετρελαίου εἰς βάθος 2.287 μέτρων. Αἱ ἐργασίαι συνεχίζονται.

ΟΙ ΕΞΟΠΛΙΣΜΟΙ ΠΕΔΗ ΕΙΣ ΤΗΝ ΑΝΑΠΤΥΞΙΝ ΤΩΝ ΥΠΑΝΑΠΤΥΚΤΩΝ ΓΡΑΦΕΙ Η «ΠΡΑΒΔΑ»

ΜΟΣΧΑ, 18. (Ἀσσ. Πρές).— Ἡ «Πράβδα» γράφει ὅτι οἱ ἐξοπλισμοὶ ἀποτελοῦν πέδην εἰς τὴν οἰκονομικὴν ἀνάπτυξιν τῶν ὑπαναπτύκτων χωρῶν.

ΜΟΣΧΑ, 18. (Ἀσσ. Πρές).— Ἡ «Πράβδα» γράφει ὅτι οἱ ἐξοπλισμοὶ ἀποτελοῦν πέδην εἰς τὴν οἰκονομικὴν ἀνάπτυξιν τῶν ὑπαναπτύκτων χωρῶν.

ΜΟΣΧΑ, 18. (Ἀσσ. Πρές).— Ἡ «Πράβδα» γράφει ὅτι οἱ ἐξοπλισμοὶ ἀποτελοῦν πέδην εἰς τὴν οἰκονομικὴν ἀνάπτυξιν τῶν ὑπαναπτύκτων χωρῶν.

ΔΙΕΚΟΠΗΣΑΝ ΑΙ ΣΥΝΟΜΙΛΙΑΙ ΠΕΡΙ ΤΗΣ Ε.Κ.Α. ΒΟΝΝΗΣ — ΟΥΑΣΙΓΚΤΩΝ

ΒΟΝΝΗ, 18. (Ἀσσ. Πρές).— Διεκόπησαν αἱ συνομιλίαι μεταξὺ Δυτικῆς Γερμανίας καὶ Ἡνωμένων Πολιτειῶν διὰ τὴν ΕΚΑ.

ΒΟΝΝΗ, 18. (Ἀσσ. Πρές).— Διεκόπησαν αἱ συνομιλίαι μεταξὺ Δυτικῆς Γερμανίας καὶ Ἡνωμένων Πολιτειῶν διὰ τὴν ΕΚΑ.

ΕΞΕΓΕΡΣΙΣ ΕΙΣ ΜΑΪ-ΑΜΙ Η «ΜΙΣ ΗΝΩΜ. ΠΟΛΙΤΕΙΩΝ»

ΜΑΪ-ΑΜΙ ΜΠΗΤΣ, 18. (Ἀσσ. Πρές).— Ἡ «Μὶς Ἡνωμένων Πολιτειῶν» ἐξεφράσθη ἐναντίον τῶν ὀργανωτῶν τοῦ διαγωνισμοῦ.

ΜΑΪ-ΑΜΙ ΜΠΗΤΣ, 18. (Ἀσσ. Πρές).— Ἡ «Μὶς Ἡνωμένων Πολιτειῶν» ἐξεφράσθη ἐναντίον τῶν ὀργανωτῶν τοῦ διαγωνισμοῦ.

ΜΑΪ-ΑΜΙ ΜΠΗΤΣ, 18. (Ἀσσ. Πρές).— Ἡ «Μὶς Ἡνωμένων Πολιτειῶν» ἐξεφράσθη ἐναντίον τῶν ὀργανωτῶν τοῦ διαγωνισμοῦ.

ΛΕΩΦΟΡΕΙΟΝ ΕΙΣ ΤΑ ΥΔΑΤΑ ΤΟΥ ΣΚΗΟΥΝΑ
Πλήθη περιέργων παρακολουθοῦν τοὺς πυροσβέστας, οἱ ὁποῖοι ἀνελκύουν λεωφορεῖον, τὸ ὁποῖον κατεκρημνίσθη εἰς τὸν ποταμόν, συντρῖβον τὸ κιγκλίδωμα τῆς γεφύρας, μὲ ἀποτέλεσμα νὰ ἀπωλέσουν τὴν ζωήν των τρεῖς ἐκ τῶν ἑπτὰ ἐπιβατῶν.
Μετὰ τὰς τελευταίας ὡμότητας
ΣΥΜΒΙΒΑΣΜΟΝ ΜΕ ΤΟΥΣ ΒΟΥΔΙΣΤΑΣ ΕΠΙΔΙΩΚΕΙ Η ΚΥΒΕΡΝΗΣΙΣ Ν. ΒΙΕΤΝΑΜ
Ὁ πρόεδρος Ντιὲμ πρόθυμος νὰ ἐξετάσῃ
τὰ ὑποβληθέντα εἰς αὐτὸν αἰτήματα των
ΟΙ ΜΟΝΑΧΟΙ ΔΙΕΚΟΨΑΝ ΤΗΝ ΑΠΕΡΓΙΑΝ ΠΕΙΝΗΣ

ΣΑΪΓΚΟΝ, 18. (Ρόϋτερ).— Ὁ ρωμαιοκαθολικὸς πρόεδρος τοῦ Νοτίου Βιετνὰμ κ. Ντὶνχ Ντιὲμ ἐδήλωσεν ὅτι ἡ κυβέρνησις του εἶναι πρόθυμος νὰ ἐξετάσῃ τὰ αἰτήματα τῶν Βουδιστῶν. Οἱ μοναχοὶ διέκοψαν τὴν ἀπεργίαν πείνης, ἣν εἶχον κηρύξει εἰς ἔνδειξιν διαμαρτυρίας, ἀφοῦ ἔλαβον διαβεβαιώσεις ὅτι θὰ ἱκανοποιηθοῦν τὰ αἰτήματά των.

ΕΠΕΔΟΘΗ ΔΙΑΜΑΡΤΥΡΙΑ

ΣΑΪΓΚΟΝ, 18. (Ἀσσ. Πρές).— Ἐπεδόθη διαμαρτυρία πρὸς τὸν πρόεδρον Ντιὲμ ὑπὸ τῶν ἐκπροσώπων τῶν Βουδιστῶν. Ἐντὸς τῆς παγόδας Ξα Λόϊ παραμένουν περὶ τοὺς 400 μοναχούς, οἱ ὁποῖοι ἀρνοῦνται νὰ ἐξέλθουν μέχρις ὅτου ἱκανοποιηθοῦν τὰ αἰτήματά των. ΝΙΚΟΛΑΣ ΤΕΡΝΕΡ

ΟΙ ΕΝΤΟΣ ΤΗΣ ΠΑΓΟΔΑΣ

ΣΑΪΓΚΟΝ, 18. (Ρόϋτερ).— Ὁ ρωμαιοκαθολικὸς πρόεδρος τοῦ Νοτίου Βιετνὰμ κ. Ντὶνχ Ντιὲμ ἐδήλωσεν ὅτι ἡ κυβέρνησις του εἶναι πρόθυμος νὰ ἐξετάσῃ τὰ αἰτήματα τῶν Βουδιστῶν. Οἱ μοναχοὶ διέκοψαν τὴν ἀπεργίαν πείνης, ἣν εἶχον κηρύξει εἰς ἔνδειξιν διαμαρτυρίας, ἀφοῦ ἔλαβον διαβεβαιώσεις ὅτι θὰ ἱκανοποιηθοῦν τὰ αἰτήματά των.

ΣΑΪΓΚΟΝ, 18. (Ἀσσ. Πρές).— Ἐπεδόθη διαμαρτυρία πρὸς τὸν πρόεδρον Ντιὲμ ὑπὸ τῶν ἐκπροσώπων τῶν Βουδιστῶν. Ἐντὸς τῆς παγόδας Ξα Λόϊ παραμένουν περὶ τοὺς 400 μοναχούς, οἱ ὁποῖοι ἀρνοῦνται νὰ ἐξέλθουν μέχρις ὅτου ἱκανοποιηθοῦν τὰ αἰτήματά των. ΝΙΚΟΛΑΣ ΤΕΡΝΕΡ

Συμφώνως πρὸς ἐπισήμους στατιστικὰς
ΚΑΤΑ 103 0/0 ΕΞΕΤΕΛΕΣΘΗ ΕΝΤΟΣ ΕΞΑΜΗΝΟΥ Η ΒΙΟΜΗΧΑΝΙΑ ΤΗΣ ΣΟΒΙΕΤΙΚΗΣ ΕΝΩΣΕΩΣ ΤΟ ΣΧΕΔΙΟΝ ΠΕΡΙ ΣΥΝΟΛΙΚΗΣ ΠΑΡΑΓΩΓΗΣ
Ὁ πληθυσμὸς ἀνῆλθεν εἰς 225.000.000
ἐξ ὧν τὰ 61.000.000 εἶναι σπουδασταί
ΛΕΙΤΟΥΡΓΟΥΝ 4.476 ΕΠΙΣΤΗΜΟΝΙΚΑ ΙΔΡΥΜΑΤΑ

ΜΟΣΧΑ, 18. (ΤΑΣ).— Ἡ Κεντρικὴ Στατιστικὴ Ὑπηρεσία τῆς Σοβιετικῆς Ἑνώσεως ἀνεκοίνωσεν ὅτι κατὰ τὸ πρῶτον ἑξάμηνον τοῦ 1963 ἡ βιομηχανικὴ παραγωγὴ ἐξετέλεσε τὸ σχέδιον κατὰ 103 0/0. Ἡ παραγωγὴ χάλυβος ηὐξήθη κατὰ 8 0/0, τοῦ πετρελαίου κατὰ 10 0/0 καὶ τοῦ ἠλεκτρικοῦ ρεύματος κατὰ 11 0/0. Ὁ πληθυσμὸς τῆς χώρας ἀνῆλθεν εἰς 225.000.000. Εἰς τὴν Σοβιετικὴν Ἕνωσιν λειτουργοῦν 4.476 ἐπιστημονικὰ ἱδρύματα εἰς τὰ ὁποῖα ἐργάζονται 565.000 ἐπιστήμονες. Ὁ ἀριθμὸς τῶν σπουδαστῶν πάσης βαθμίδος ἀνέρχεται εἰς 61.000.000.

ΜΟΣΧΑ, 18. (ΤΑΣ).— Ἡ Κεντρικὴ Στατιστικὴ Ὑπηρεσία τῆς Σοβιετικῆς Ἑνώσεως ἀνεκοίνωσεν ὅτι κατὰ τὸ πρῶτον ἑξάμηνον τοῦ 1963 ἡ βιομηχανικὴ παραγωγὴ ἐξετέλεσε τὸ σχέδιον κατὰ 103 0/0. Ἡ παραγωγὴ χάλυβος ηὐξήθη κατὰ 8 0/0, τοῦ πετρελαίου κατὰ 10 0/0 καὶ τοῦ ἠλεκτρικοῦ ρεύματος κατὰ 11 0/0. Ὁ πληθυσμὸς τῆς χώρας ἀνῆλθεν εἰς 225.000.000. Εἰς τὴν Σοβιετικὴν Ἕνωσιν λειτουργοῦν 4.476 ἐπιστημονικὰ ἱδρύματα εἰς τὰ ὁποῖα ἐργάζονται 565.000 ἐπιστήμονες. Ὁ ἀριθμὸς τῶν σπουδαστῶν πάσης βαθμίδος ἀνέρχεται εἰς 61.000.000.

Ο Κ. ΚΡΟΥΣΤΣΕΦ ΤΗΝ 20ΗΝ ΑΥΓΟΥΣΤΟΥ ΘΑ ΕΠΙΣΚΕΦΘΗ ΤΟ ΒΕΛΙΓΡΑΔΙΟΝ
ΕΝΘΕΡΜΟΝ ΠΡΟΣΚΛΗΣΙΝ ΤΟΥ Κ. ΚΑΝΤΑΡ

ΒΕΛΙΓΡΑΔΙΟΝ, 18. (Ἀσσ. Πρές).— Ὁ Σοβιετικὸς πρωθυπουργὸς κ. Κρουστσὲφ θὰ ἐπισκεφθῇ τὴν Γιουγκοσλαβίαν τὴν 20ὴν Αὐγούστου, κατόπιν προσκλήσεως τοῦ προέδρου Τίτο. Ὁ κ. Κρουστσὲφ θὰ παραμείνῃ ἐπὶ ἐννεαήμερον καὶ θὰ περιοδεύσῃ εἰς διαφόρους περιοχὰς τῆς χώρας.

ΒΕΛΙΓΡΑΔΙΟΝ, 18. (Ἀσσ. Πρές).— Ὁ Σοβιετικὸς πρωθυπουργὸς κ. Κρουστσὲφ θὰ ἐπισκεφθῇ τὴν Γιουγκοσλαβίαν τὴν 20ὴν Αὐγούστου, κατόπιν προσκλήσεως τοῦ προέδρου Τίτο. Ὁ κ. Κρουστσὲφ θὰ παραμείνῃ ἐπὶ ἐννεαήμερον καὶ θὰ περιοδεύσῃ εἰς διαφόρους περιοχὰς τῆς χώρας.

Η ΡΩΣΣΙΚΗ ΝΕΟΛΑΙΑ ΣΥΜΠΕΡΙΦΕΡΕΤΑΙ ΠΡΟΣ ΤΟΥΣ ΘΕΟΠΟΙΟΥΣ ΟΠΩΣ Η ΑΜΕΡΙΚΑΝΙΚΗ

ΝΕΑ ΥΟΡΚΗ, 18. (Ρόϋτερ).— Ἡ Ἀμερικανὶς ἠθοποιὸς ἐδήλωσεν ὅτι ἡ Ρωσσικὴ νεολαία συμπεριφέρεται πρὸς τοὺς ἀγαπημένους της καλλιτέχνας ὅπως καὶ ἡ Ἀμερικανική.

Ο ΡΑΣΣΕΛ ΚΑΤΗΓΟΡΕΙ ΤΗΝ ΚΥΒΕΡΝΗΣΙΝ ΠΙΠΙΝΕΛΗ ΔΙΑ ΤΟΝ ΘΑΝΑΤΟΝ ΤΟΥ ΠΟΛΙΤΙΚΟΥ ΚΡΑΤΟΥΜΕΝΟΥ

ΛΟΝΔΙΝΟΝ, 18. (Ρόϋτερ).— Ὁ φιλόσοφος λόρδος Μπέρτραντ Ράσσελ κατηγορεῖ τὴν Ἑλληνικὴν Κυβέρνησιν διὰ τὸν θάνατον τοῦ πολιτικοῦ κρατουμένου. Ὁ κ. Ράσσελ ἀπέστειλε τηλεγράφημα πρὸς τὸν πρωθυπουργὸν κ. Πιπινέλην.

ΛΟΝΔΙΝΟΝ, 18. (Ρόϋτερ).— Ὁ φιλόσοφος λόρδος Μπέρτραντ Ράσσελ κατηγορεῖ τὴν Ἑλληνικὴν Κυβέρνησιν διὰ τὸν θάνατον τοῦ πολιτικοῦ κρατουμένου. Ὁ κ. Ράσσελ ἀπέστειλε τηλεγράφημα πρὸς τὸν πρωθυπουργὸν κ. Πιπινέλην.

ΛΟΝΔΙΝΟΝ, 18. (Ρόϋτερ).— Ὁ φιλόσοφος λόρδος Μπέρτραντ Ράσσελ κατηγορεῖ τὴν Ἑλληνικὴν Κυβέρνησιν διὰ τὸν θάνατον τοῦ πολιτικοῦ κρατουμένου. Ὁ κ. Ράσσελ ἀπέστειλε τηλεγράφημα πρὸς τὸν πρωθυπουργὸν κ. Πιπινέλην.

ΑΓΝΩΣΤΟΣ Η ΤΥΧΗ ΤΩΝ ΕΞΑΦΑΝΙΣΘΕΝΤΩΝ ΔΗΜΗΤΡΙΑΔΩΝ ΤΩΝ ΗΝΩΜ. ΠΟΛΙΤΕΙΩΝ

ΟΥΑΣΙΓΚΤΩΝ, 18. (Ρόϋτερ).— Ἐγνώσθη ὅτι δύο μυστικοὶ πράκτορες τῶν Ἡνωμένων Πολιτειῶν ἀγνοοῦνται ἀπὸ ἑβδομάδος.

ΟΥΑΣΙΓΚΤΩΝ, 18. (Ρόϋτερ).— Ἐγνώσθη ὅτι δύο μυστικοὶ πράκτορες τῶν Ἡνωμένων Πολιτειῶν ἀγνοοῦνται ἀπὸ ἑβδομάδος.
